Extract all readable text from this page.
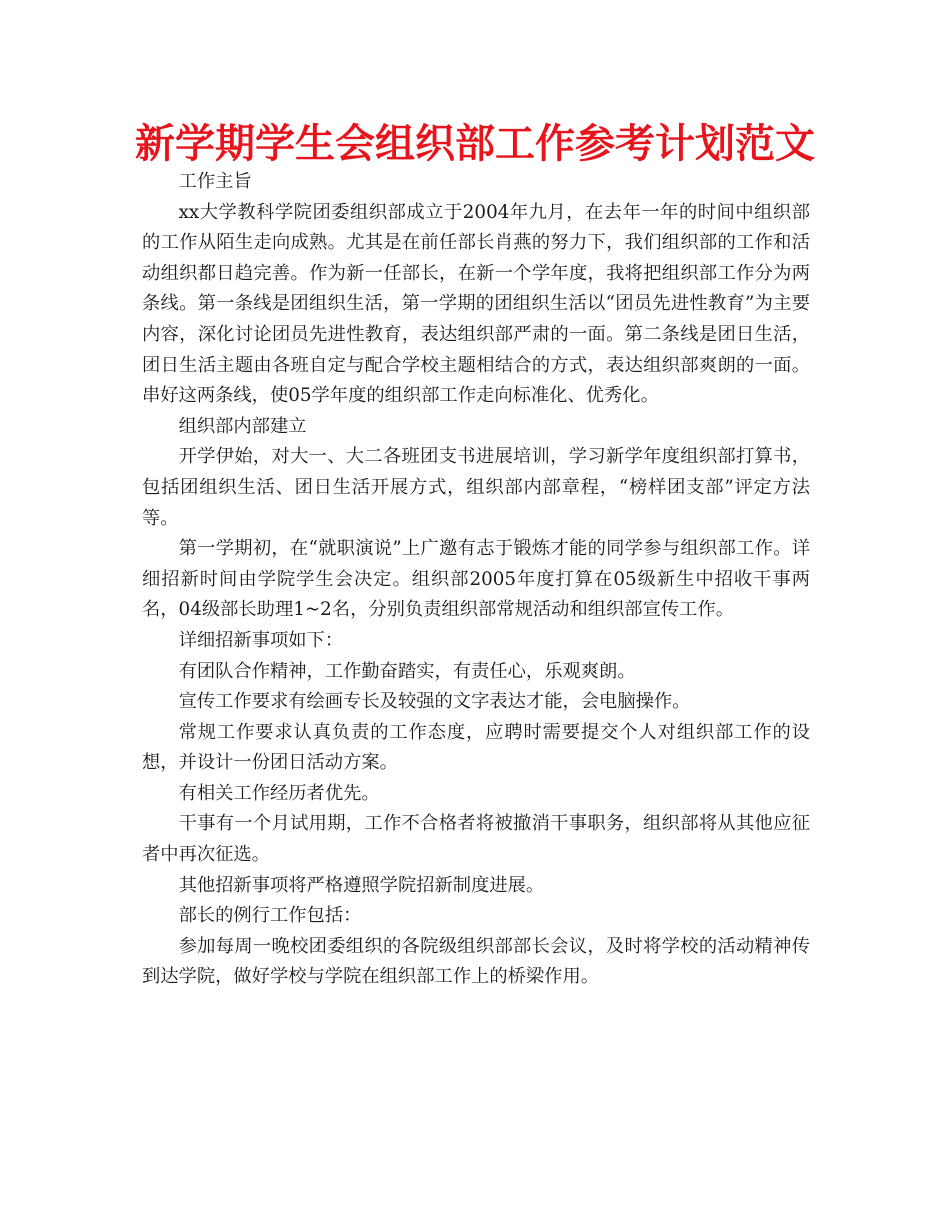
新学期学生会组织部工作参考计划范文

工作主旨

xx大学教科学院团委组织部成立于2004年九月，在去年一年的时间中组织部的工作从陌生走向成熟。尤其是在前任部长肖燕的努力下，我们组织部的工作和活动组织都日趋完善。作为新一任部长，在新一个学年度，我将把组织部工作分为两条线。第一条线是团组织生活，第一学期的团组织生活以“团员先进性教育”为主要内容，深化讨论团员先进性教育，表达组织部严肃的一面。第二条线是团日生活，团日生活主题由各班自定与配合学校主题相结合的方式，表达组织部爽朗的一面。串好这两条线，使05学年度的组织部工作走向标准化、优秀化。

组织部内部建立

开学伊始，对大一、大二各班团支书进展培训，学习新学年度组织部打算书，包括团组织生活、团日生活开展方式，组织部内部章程，“榜样团支部”评定方法等。

第一学期初，在“就职演说”上广邀有志于锻炼才能的同学参与组织部工作。详细招新时间由学院学生会决定。组织部2005年度打算在05级新生中招收干事两名，04级部长助理1~2名，分别负责组织部常规活动和组织部宣传工作。

详细招新事项如下：

有团队合作精神，工作勤奋踏实，有责任心，乐观爽朗。

宣传工作要求有绘画专长及较强的文字表达才能，会电脑操作。

常规工作要求认真负责的工作态度，应聘时需要提交个人对组织部工作的设想，并设计一份团日活动方案。

有相关工作经历者优先。

干事有一个月试用期，工作不合格者将被撤消干事职务，组织部将从其他应征者中再次征选。

其他招新事项将严格遵照学院招新制度进展。

部长的例行工作包括：

参加每周一晚校团委组织的各院级组织部部长会议，及时将学校的活动精神传到达学院，做好学校与学院在组织部工作上的桥梁作用。
